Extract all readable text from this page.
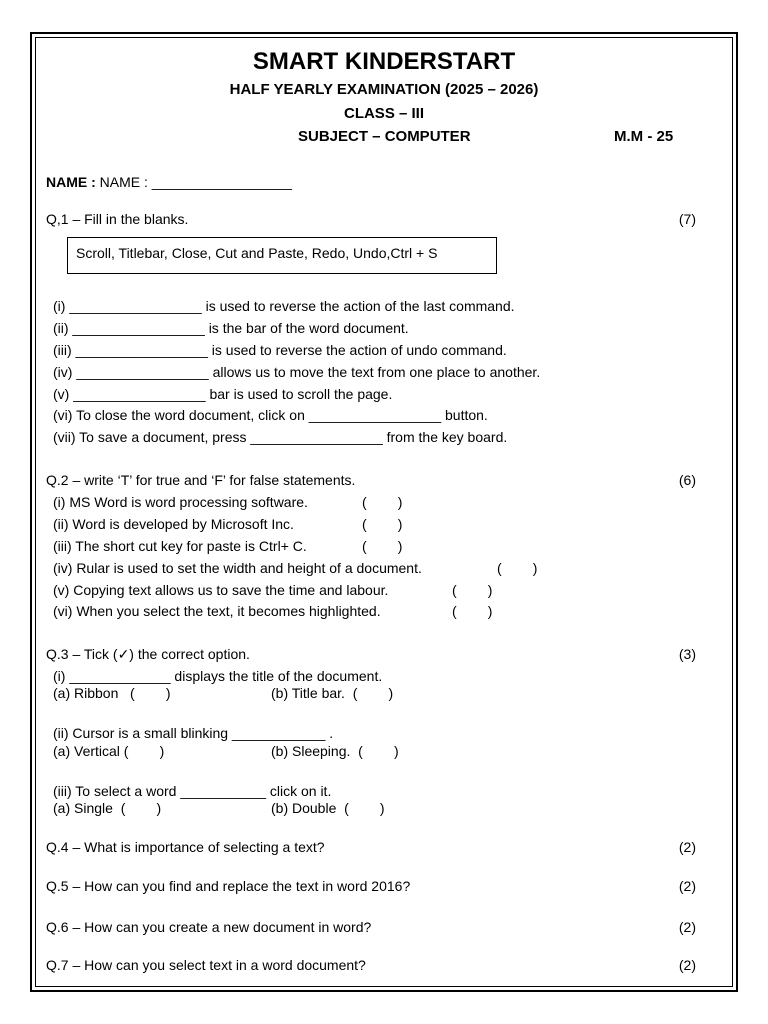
SMART KINDERSTART
HALF YEARLY EXAMINATION (2025 – 2026)
CLASS – III
SUBJECT – COMPUTER	M.M - 25
NAME : NAME : __________________
Q,1 – Fill in the blanks.	(7)
Scroll, Titlebar, Close, Cut and Paste, Redo, Undo,Ctrl + S
(i) _________________ is used to reverse the action of the last command.
(ii) _________________ is the bar of the word document.
(iii) _________________ is used to reverse the action of undo command.
(iv) _________________ allows us to move the text from one place to another.
(v) _________________ bar is used to scroll the page.
(vi) To close the word document, click on _________________ button.
(vii) To save a document, press _________________ from the key board.
Q.2 – write ‘T’ for true and ‘F’ for false statements.	(6)
(i) MS Word is word processing software.	(        )
(ii) Word is developed by Microsoft Inc.	(        )
(iii) The short cut key for paste is Ctrl+ C.	(        )
(iv) Rular is used to set the width and height of a document.	(        )
(v) Copying text allows us to save the time and labour.	(        )
(vi) When you select the text, it becomes highlighted.	(        )
Q.3 – Tick (✓) the correct option.	(3)
(i) _____________ displays the title of the document.
(a) Ribbon   (        )	(b) Title bar.  (        )
(ii) Cursor is a small blinking ____________ .
(a) Vertical (        )	(b) Sleeping.  (        )
(iii) To select a word ___________ click on it.
(a) Single  (        )	(b) Double  (        )
Q.4 – What is importance of selecting a text?	(2)
Q.5 – How can you find and replace the text in word 2016?	(2)
Q.6 – How can you create a new document in word?	(2)
Q.7 – How can you select text in a word document?	(2)
